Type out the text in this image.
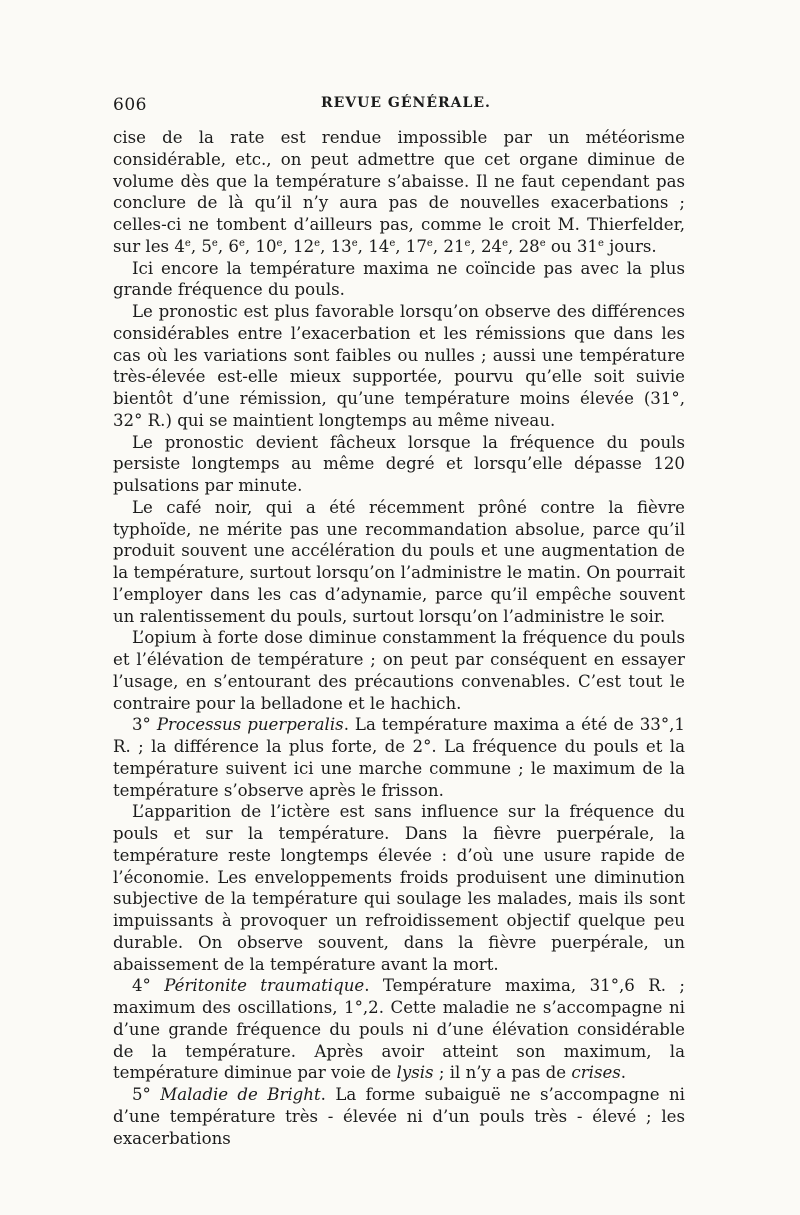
606	REVUE GÉNÉRALE.

cise de la rate est rendue impossible par un météorisme considérable, etc., on peut admettre que cet organe diminue de volume dès que la température s’abaisse. Il ne faut cependant pas conclure de là qu’il n’y aura pas de nouvelles exacerbations ; celles-ci ne tombent d’ailleurs pas, comme le croit M. Thierfelder, sur les 4e, 5e, 6e, 10e, 12e, 13e, 14e, 17e, 21e, 24e, 28e ou 31e jours.

Ici encore la température maxima ne coïncide pas avec la plus grande fréquence du pouls.

Le pronostic est plus favorable lorsqu’on observe des différences considérables entre l’exacerbation et les rémissions que dans les cas où les variations sont faibles ou nulles ; aussi une température très-élevée est-elle mieux supportée, pourvu qu’elle soit suivie bientôt d’une rémission, qu’une température moins élevée (31°, 32° R.) qui se maintient longtemps au même niveau.

Le pronostic devient fâcheux lorsque la fréquence du pouls persiste longtemps au même degré et lorsqu’elle dépasse 120 pulsations par minute.

Le café noir, qui a été récemment prôné contre la fièvre typhoïde, ne mérite pas une recommandation absolue, parce qu’il produit souvent une accélération du pouls et une augmentation de la température, surtout lorsqu’on l’administre le matin. On pourrait l’employer dans les cas d’adynamie, parce qu’il empêche souvent un ralentissement du pouls, surtout lorsqu’on l’administre le soir.

L’opium à forte dose diminue constamment la fréquence du pouls et l’élévation de température ; on peut par conséquent en essayer l’usage, en s’entourant des précautions convenables. C’est tout le contraire pour la belladone et le hachich.

3° Processus puerperalis. La température maxima a été de 33°,1 R. ; la différence la plus forte, de 2°. La fréquence du pouls et la température suivent ici une marche commune ; le maximum de la température s’observe après le frisson.

L’apparition de l’ictère est sans influence sur la fréquence du pouls et sur la température. Dans la fièvre puerpérale, la température reste longtemps élevée : d’où une usure rapide de l’économie. Les enveloppements froids produisent une diminution subjective de la température qui soulage les malades, mais ils sont impuissants à provoquer un refroidissement objectif quelque peu durable. On observe souvent, dans la fièvre puerpérale, un abaissement de la température avant la mort.

4° Péritonite traumatique. Température maxima, 31°,6 R. ; maximum des oscillations, 1°,2. Cette maladie ne s’accompagne ni d’une grande fréquence du pouls ni d’une élévation considérable de la température. Après avoir atteint son maximum, la température diminue par voie de lysis ; il n’y a pas de crises.

5° Maladie de Bright. La forme subaiguë ne s’accompagne ni d’une température très - élevée ni d’un pouls très - élevé ; les exacerbations
